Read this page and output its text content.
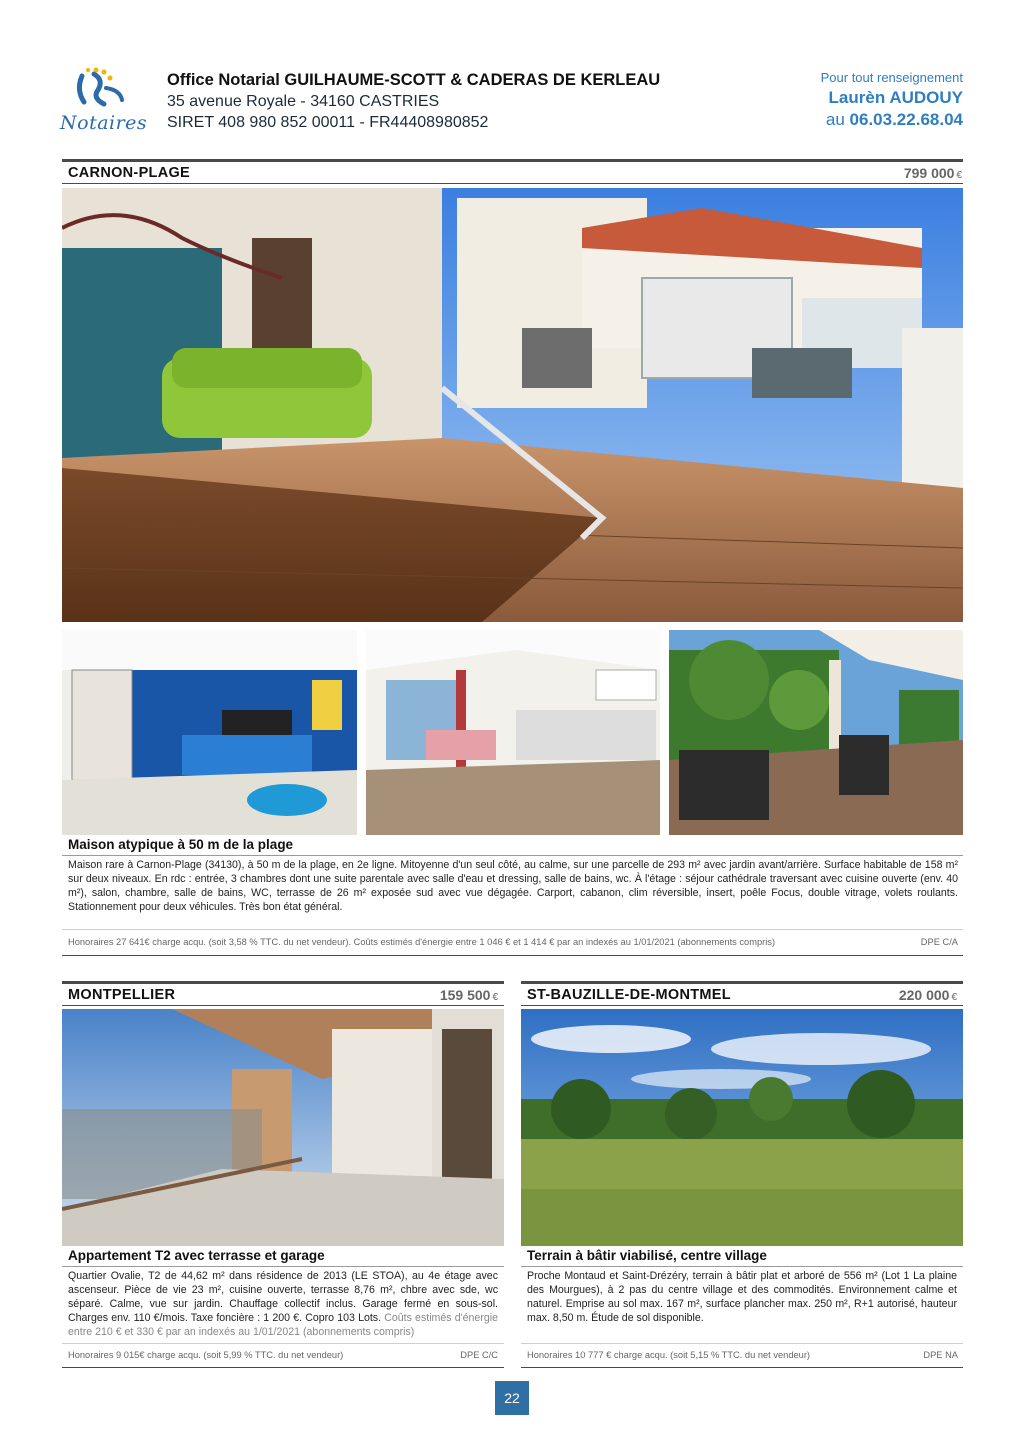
Notaires
Office Notarial GUILHAUME-SCOTT & CADERAS DE KERLEAU
35 avenue Royale - 34160 CASTRIES
SIRET 408 980 852 00011 - FR44408980852
Pour tout renseignement
Laurèn AUDOUY
au 06.03.22.68.04
CARNON-PLAGE	799 000 €
Maison atypique à 50 m de la plage
Maison rare à Carnon-Plage (34130), à 50 m de la plage, en 2e ligne. Mitoyenne d'un seul côté, au calme, sur une parcelle de 293 m² avec jardin avant/arrière. Surface habitable de 158 m² sur deux niveaux. En rdc : entrée, 3 chambres dont une suite parentale avec salle d'eau et dressing, salle de bains, wc. À l'étage : séjour cathédrale traversant avec cuisine ouverte (env. 40 m²), salon, chambre, salle de bains, WC, terrasse de 26 m² exposée sud avec vue dégagée. Carport, cabanon, clim réversible, insert, poêle Focus, double vitrage, volets roulants. Stationnement pour deux véhicules. Très bon état général.
Honoraires 27 641€ charge acqu. (soit 3,58 % TTC. du net vendeur). Coûts estimés d'énergie entre 1 046 € et 1 414 € par an indexés au 1/01/2021 (abonnements compris)	DPE C/A
MONTPELLIER	159 500 €
Appartement T2 avec terrasse et garage
Quartier Ovalie, T2 de 44,62 m² dans résidence de 2013 (LE STOA), au 4e étage avec ascenseur. Pièce de vie 23 m², cuisine ouverte, terrasse 8,76 m², chbre avec sde, wc séparé. Calme, vue sur jardin. Chauffage collectif inclus. Garage fermé en sous-sol. Charges env. 110 €/mois. Taxe foncière : 1 200 €. Copro 103 Lots. Coûts estimés d'énergie entre 210 € et 330 € par an indexés au 1/01/2021 (abonnements compris)
Honoraires 9 015€ charge acqu. (soit 5,99 % TTC. du net vendeur)	DPE C/C
ST-BAUZILLE-DE-MONTMEL	220 000 €
Terrain à bâtir viabilisé, centre village
Proche Montaud et Saint-Drézéry, terrain à bâtir plat et arboré de 556 m² (Lot 1 La plaine des Mourgues), à 2 pas du centre village et des commodités. Environnement calme et naturel. Emprise au sol max. 167 m², surface plancher max. 250 m², R+1 autorisé, hauteur max. 8,50 m. Étude de sol disponible.
Honoraires 10 777 € charge acqu. (soit 5,15 % TTC. du net vendeur)	DPE NA
22
